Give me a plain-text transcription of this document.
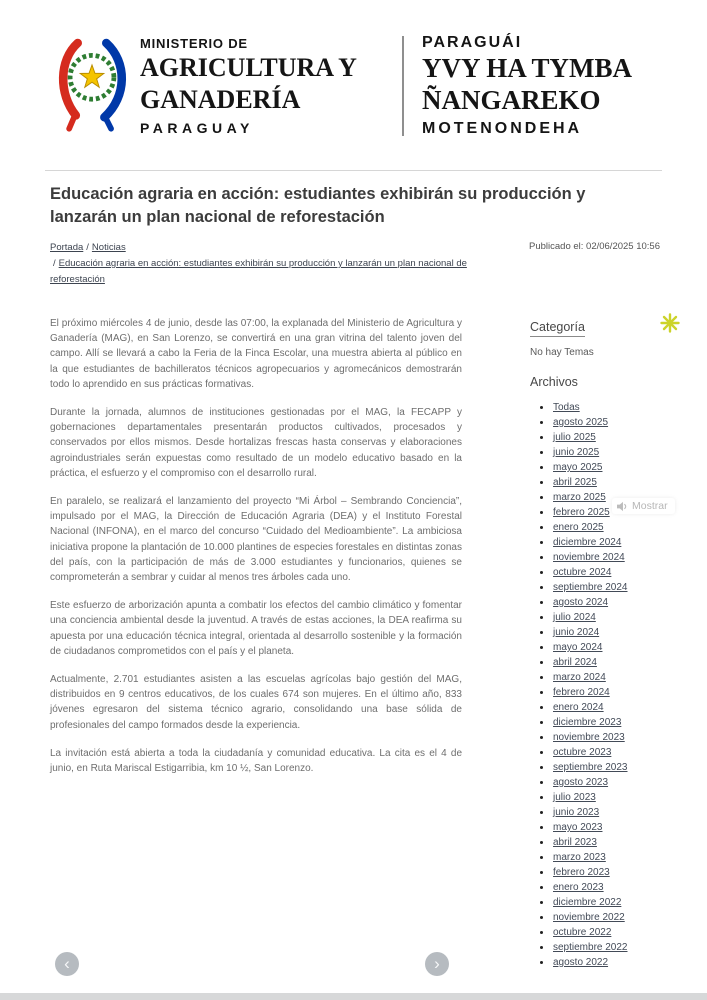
MINISTERIO DE
AGRICULTURA Y
GANADERÍA
PARAGUAY
PARAGUÁI
YVY HA TYMBA
ÑANGAREKO
MOTENONDEHA
Educación agraria en acción: estudiantes exhibirán su producción y lanzarán un plan nacional de reforestación
Portada / Noticias
/ Educación agraria en acción: estudiantes exhibirán su producción y lanzarán un plan nacional de reforestación
Publicado el: 02/06/2025 10:56

El próximo miércoles 4 de junio, desde las 07:00, la explanada del Ministerio de Agricultura y Ganadería (MAG), en San Lorenzo, se convertirá en una gran vitrina del talento joven del campo. Allí se llevará a cabo la Feria de la Finca Escolar, una muestra abierta al público en la que estudiantes de bachilleratos técnicos agropecuarios y agromecánicos demostrarán todo lo aprendido en sus prácticas formativas.

Durante la jornada, alumnos de instituciones gestionadas por el MAG, la FECAPP y gobernaciones departamentales presentarán productos cultivados, procesados y conservados por ellos mismos. Desde hortalizas frescas hasta conservas y elaboraciones agroindustriales serán expuestas como resultado de un modelo educativo basado en la práctica, el esfuerzo y el compromiso con el desarrollo rural.

En paralelo, se realizará el lanzamiento del proyecto “Mi Árbol – Sembrando Conciencia”, impulsado por el MAG, la Dirección de Educación Agraria (DEA) y el Instituto Forestal Nacional (INFONA), en el marco del concurso “Cuidado del Medioambiente”. La ambiciosa iniciativa propone la plantación de 10.000 plantines de especies forestales en distintas zonas del país, con la participación de más de 3.000 estudiantes y funcionarios, quienes se comprometerán a sembrar y cuidar al menos tres árboles cada uno.

Este esfuerzo de arborización apunta a combatir los efectos del cambio climático y fomentar una conciencia ambiental desde la juventud. A través de estas acciones, la DEA reafirma su apuesta por una educación técnica integral, orientada al desarrollo sostenible y la formación de ciudadanos comprometidos con el país y el planeta.

Actualmente, 2.701 estudiantes asisten a las escuelas agrícolas bajo gestión del MAG, distribuidos en 9 centros educativos, de los cuales 674 son mujeres. En el último año, 833 jóvenes egresaron del sistema técnico agrario, consolidando una base sólida de profesionales del campo formados desde la experiencia.

La invitación está abierta a toda la ciudadanía y comunidad educativa. La cita es el 4 de junio, en Ruta Mariscal Estigarribia, km 10 ½, San Lorenzo.

Categoría
No hay Temas
Archivos
• Todas
• agosto 2025
• julio 2025
• junio 2025
• mayo 2025
• abril 2025
• marzo 2025
• febrero 2025
• enero 2025
• diciembre 2024
• noviembre 2024
• octubre 2024
• septiembre 2024
• agosto 2024
• julio 2024
• junio 2024
• mayo 2024
• abril 2024
• marzo 2024
• febrero 2024
• enero 2024
• diciembre 2023
• noviembre 2023
• octubre 2023
• septiembre 2023
• agosto 2023
• julio 2023
• junio 2023
• mayo 2023
• abril 2023
• marzo 2023
• febrero 2023
• enero 2023
• diciembre 2022
• noviembre 2022
• octubre 2022
• septiembre 2022
• agosto 2022
Mostrar
‹	›
